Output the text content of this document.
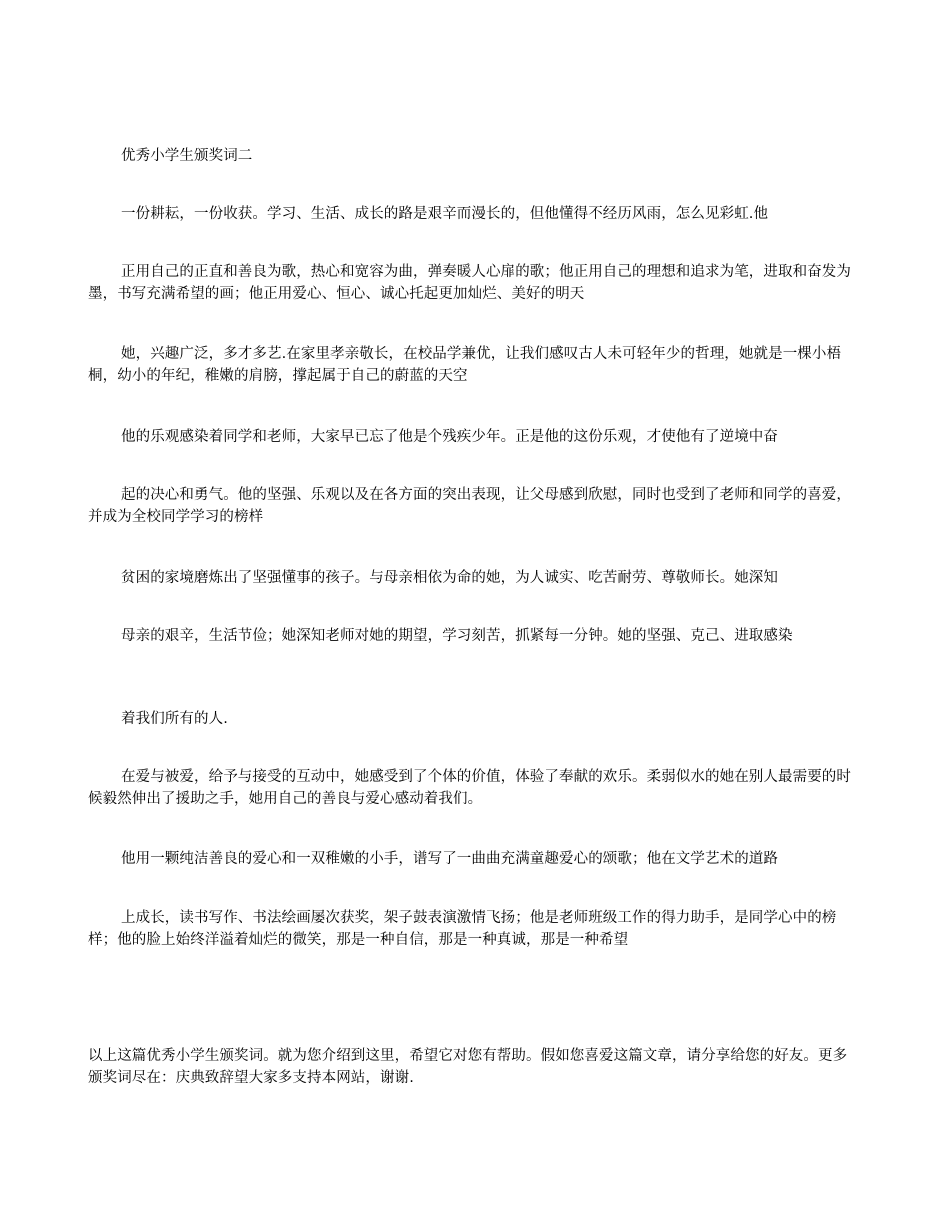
优秀小学生颁奖词二

一份耕耘，一份收获。学习、生活、成长的路是艰辛而漫长的，但他懂得不经历风雨，怎么见彩虹.他

正用自己的正直和善良为歌，热心和宽容为曲，弹奏暖人心扉的歌；他正用自己的理想和追求为笔，进取和奋发为墨，书写充满希望的画；他正用爱心、恒心、诚心托起更加灿烂、美好的明天

她，兴趣广泛，多才多艺.在家里孝亲敬长，在校品学兼优，让我们感叹古人未可轻年少的哲理，她就是一棵小梧桐，幼小的年纪，稚嫩的肩膀，撑起属于自己的蔚蓝的天空

他的乐观感染着同学和老师，大家早已忘了他是个残疾少年。正是他的这份乐观，才使他有了逆境中奋

起的决心和勇气。他的坚强、乐观以及在各方面的突出表现，让父母感到欣慰，同时也受到了老师和同学的喜爱，并成为全校同学学习的榜样

贫困的家境磨炼出了坚强懂事的孩子。与母亲相依为命的她，为人诚实、吃苦耐劳、尊敬师长。她深知

母亲的艰辛，生活节俭；她深知老师对她的期望，学习刻苦，抓紧每一分钟。她的坚强、克己、进取感染

着我们所有的人.

在爱与被爱，给予与接受的互动中，她感受到了个体的价值，体验了奉献的欢乐。柔弱似水的她在别人最需要的时候毅然伸出了援助之手，她用自己的善良与爱心感动着我们。

他用一颗纯洁善良的爱心和一双稚嫩的小手，谱写了一曲曲充满童趣爱心的颂歌；他在文学艺术的道路

上成长，读书写作、书法绘画屡次获奖，架子鼓表演激情飞扬；他是老师班级工作的得力助手，是同学心中的榜样；他的脸上始终洋溢着灿烂的微笑，那是一种自信，那是一种真诚，那是一种希望

以上这篇优秀小学生颁奖词。就为您介绍到这里，希望它对您有帮助。假如您喜爱这篇文章，请分享给您的好友。更多颁奖词尽在：庆典致辞望大家多支持本网站，谢谢.
